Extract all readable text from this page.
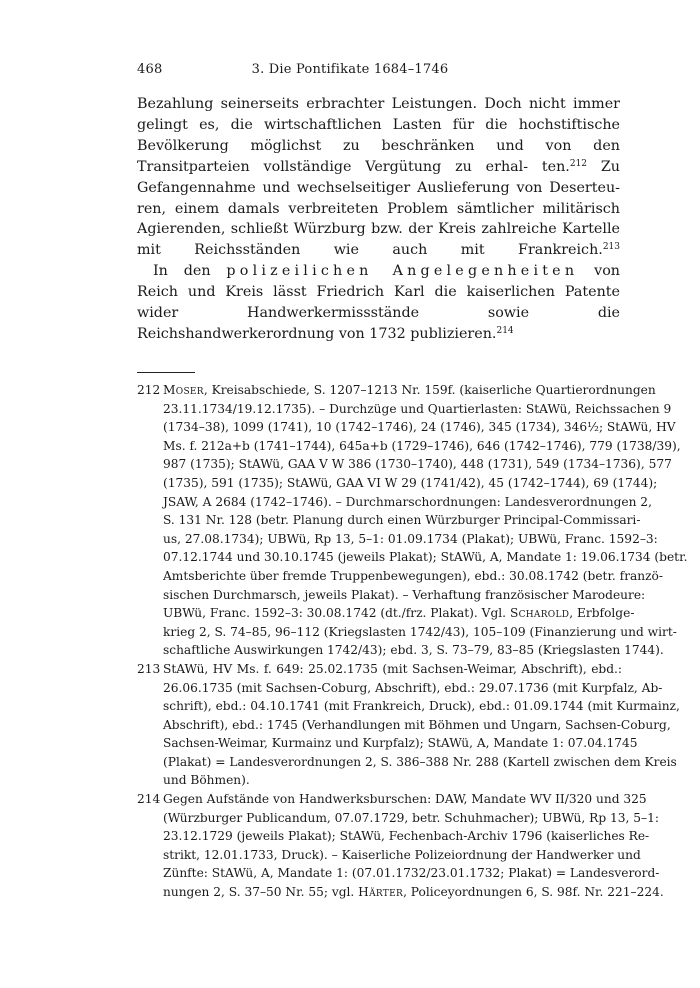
468	3. Die Pontifikate 1684–1746

Bezahlung seinerseits erbrachter Leistungen. Doch nicht immer gelingt es, die wirtschaftlichen Lasten für die hochstiftische Bevölkerung möglichst zu beschränken und von den Transitparteien vollständige Vergütung zu erhal- ten.$^{212}$ Zu Gefangennahme und wechselseitiger Auslieferung von Deserteu- ren, einem damals verbreiteten Problem sämtlicher militärisch Agierenden, schließt Würzburg bzw. der Kreis zahlreiche Kartelle mit Reichsständen wie auch mit Frankreich.$^{213}$

In den polizeilichen Angelegenheiten von Reich und Kreis lässt Friedrich Karl die kaiserlichen Patente wider Handwerkermissstände	sowie die Reichshandwerkerordnung von 1732 publizieren.$^{214}$

212 Moser, Kreisabschiede, S. 1207–1213 Nr. 159f. (kaiserliche Quartierordnungen
23.11.1734/19.12.1735). – Durchzüge und Quartierlasten: StAWü, Reichssachen 9
(1734–38), 1099 (1741), 10 (1742–1746), 24 (1746), 345 (1734), 346½; StAWü, HV
Ms. f. 212a+b (1741–1744), 645a+b (1729–1746), 646 (1742–1746), 779 (1738/39),
987 (1735); StAWü, GAA V W 386 (1730–1740), 448 (1731), 549 (1734–1736), 577
(1735), 591 (1735); StAWü, GAA VI W 29 (1741/42), 45 (1742–1744), 69 (1744);
JSAW, A 2684 (1742–1746). – Durchmarschordnungen: Landesverordnungen 2,
S. 131 Nr. 128 (betr. Planung durch einen Würzburger Principal-Commissari-
us, 27.08.1734); UBWü, Rp 13, 5–1: 01.09.1734 (Plakat); UBWü, Franc. 1592–3:
07.12.1744 und 30.10.1745 (jeweils Plakat); StAWü, A, Mandate 1: 19.06.1734 (betr.
Amtsberichte über fremde Truppenbewegungen), ebd.: 30.08.1742 (betr. franzö-
sischen Durchmarsch, jeweils Plakat). – Verhaftung französischer Marodeure:
UBWü, Franc. 1592–3: 30.08.1742 (dt./frz. Plakat). Vgl. Scharold, Erbfolge-
krieg 2, S. 74–85, 96–112 (Kriegslasten 1742/43), 105–109 (Finanzierung und wirt-
schaftliche Auswirkungen 1742/43); ebd. 3, S. 73–79, 83–85 (Kriegslasten 1744).
213 StAWü, HV Ms. f. 649: 25.02.1735 (mit Sachsen-Weimar, Abschrift), ebd.:
26.06.1735 (mit Sachsen-Coburg, Abschrift), ebd.: 29.07.1736 (mit Kurpfalz, Ab-
schrift), ebd.: 04.10.1741 (mit Frankreich, Druck), ebd.: 01.09.1744 (mit Kurmainz,
Abschrift), ebd.: 1745 (Verhandlungen mit Böhmen und Ungarn, Sachsen-Coburg,
Sachsen-Weimar, Kurmainz und Kurpfalz); StAWü, A, Mandate 1: 07.04.1745
(Plakat) = Landesverordnungen 2, S. 386–388 Nr. 288 (Kartell zwischen dem Kreis
und Böhmen).
214 Gegen Aufstände von Handwerksburschen: DAW, Mandate WV II/320 und 325
(Würzburger Publicandum, 07.07.1729, betr. Schuhmacher); UBWü, Rp 13, 5–1:
23.12.1729 (jeweils Plakat); StAWü, Fechenbach-Archiv 1796 (kaiserliches Re-
strikt, 12.01.1733, Druck). – Kaiserliche Polizeiordnung der Handwerker und
Zünfte: StAWü, A, Mandate 1: (07.01.1732/23.01.1732; Plakat) = Landesverord-
nungen 2, S. 37–50 Nr. 55; vgl. Härter, Policeyordnungen 6, S. 98f. Nr. 221–224.
